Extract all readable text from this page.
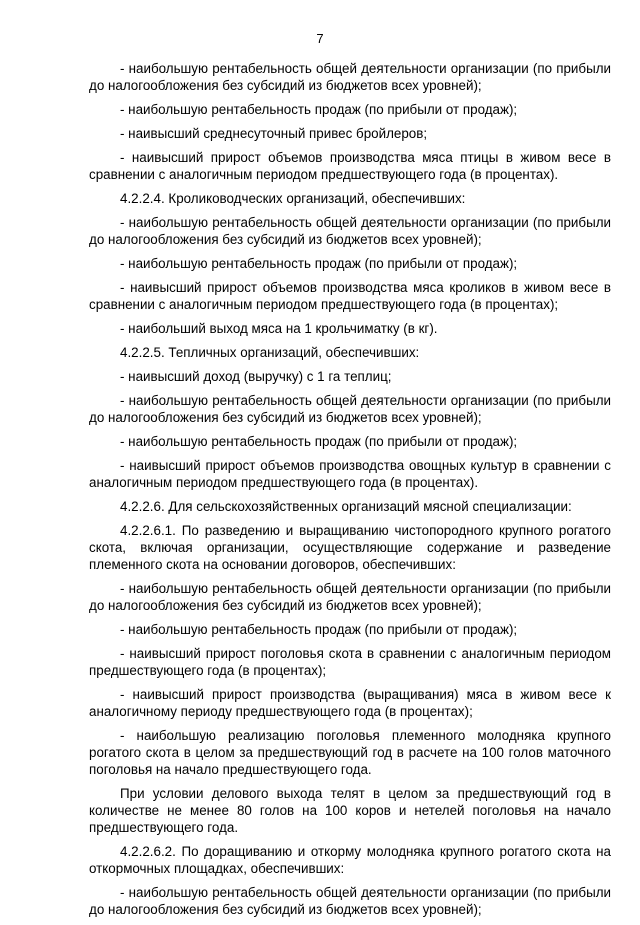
7

- наибольшую рентабельность общей деятельности организации (по прибыли до налогообложения без субсидий из бюджетов всех уровней);

- наибольшую рентабельность продаж (по прибыли от продаж);

- наивысший среднесуточный привес бройлеров;

- наивысший прирост объемов производства мяса птицы в живом весе в сравнении с аналогичным периодом предшествующего года (в процентах).

4.2.2.4. Кролиководческих организаций, обеспечивших:

- наибольшую рентабельность общей деятельности организации (по прибыли до налогообложения без субсидий из бюджетов всех уровней);

- наибольшую рентабельность продаж (по прибыли от продаж);

- наивысший прирост объемов производства мяса кроликов в живом весе в сравнении с аналогичным периодом предшествующего года (в процентах);

- наибольший выход мяса на 1 крольчиматку (в кг).

4.2.2.5. Тепличных организаций, обеспечивших:

- наивысший доход (выручку) с 1 га теплиц;

- наибольшую рентабельность общей деятельности организации (по прибыли до налогообложения без субсидий из бюджетов всех уровней);

- наибольшую рентабельность продаж (по прибыли от продаж);

- наивысший прирост объемов производства овощных культур в сравнении с аналогичным периодом предшествующего года (в процентах).

4.2.2.6. Для сельскохозяйственных организаций мясной специализации:

4.2.2.6.1. По разведению и выращиванию чистопородного крупного рогатого скота, включая организации, осуществляющие содержание и разведение племенного скота на основании договоров, обеспечивших:

- наибольшую рентабельность общей деятельности организации (по прибыли до налогообложения без субсидий из бюджетов всех уровней);

- наибольшую рентабельность продаж (по прибыли от продаж);

- наивысший прирост поголовья скота в сравнении с аналогичным периодом предшествующего года (в процентах);

- наивысший прирост производства (выращивания) мяса в живом весе к аналогичному периоду предшествующего года (в процентах);

- наибольшую реализацию поголовья племенного молодняка крупного рогатого скота в целом за предшествующий год в расчете на 100 голов маточного поголовья на начало предшествующего года.

При условии делового выхода телят в целом за предшествующий год в количестве не менее 80 голов на 100 коров и нетелей поголовья на начало предшествующего года.

4.2.2.6.2. По доращиванию и откорму молодняка крупного рогатого скота на откормочных площадках, обеспечивших:

- наибольшую рентабельность общей деятельности организации (по прибыли до налогообложения без субсидий из бюджетов всех уровней);
